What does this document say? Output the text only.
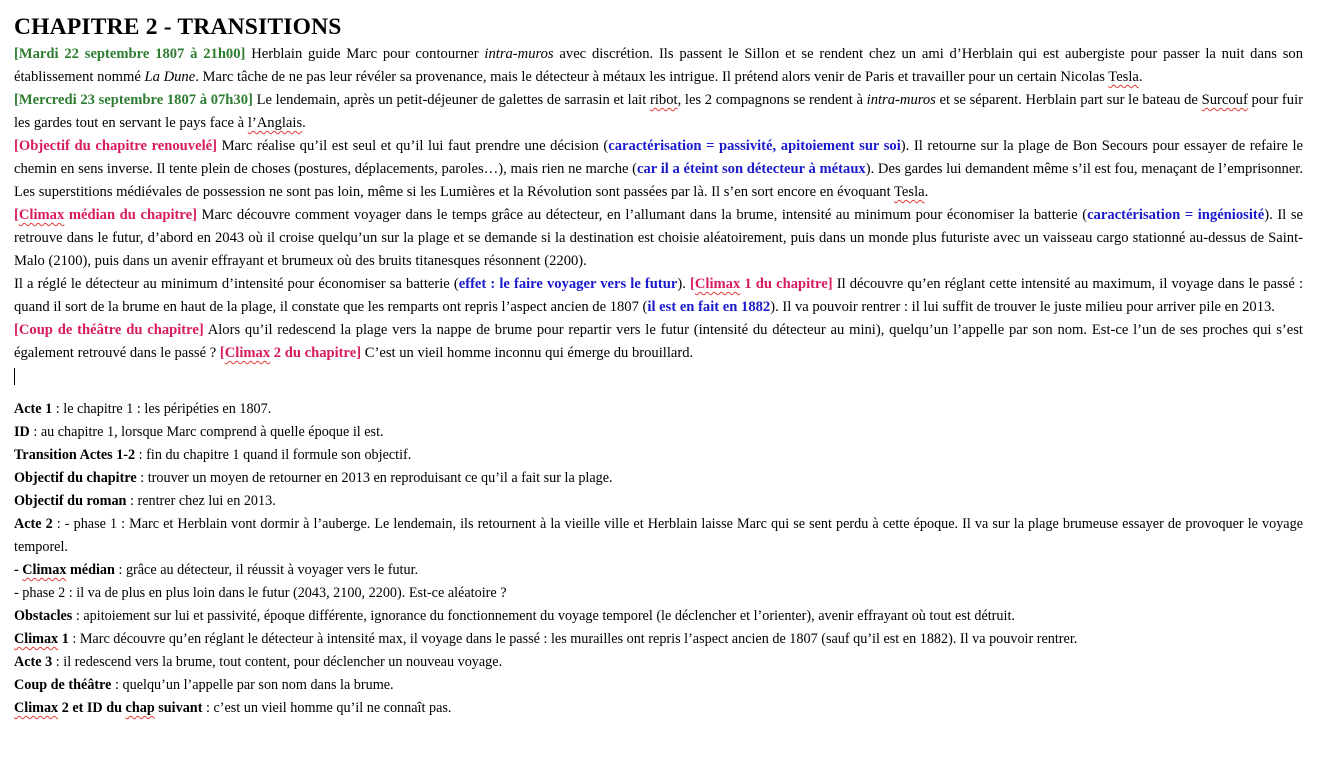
CHAPITRE 2 - TRANSITIONS

[Mardi 22 septembre 1807 à 21h00] Herblain guide Marc pour contourner intra-muros avec discrétion. Ils passent le Sillon et se rendent chez un ami d’Herblain qui est aubergiste pour passer la nuit dans son établissement nommé La Dune. Marc tâche de ne pas leur révéler sa provenance, mais le détecteur à métaux les intrigue. Il prétend alors venir de Paris et travailler pour un certain Nicolas Tesla.

[Mercredi 23 septembre 1807 à 07h30] Le lendemain, après un petit-déjeuner de galettes de sarrasin et lait ribot, les 2 compagnons se rendent à intra-muros et se séparent. Herblain part sur le bateau de Surcouf pour fuir les gardes tout en servant le pays face à l’Anglais.

[Objectif du chapitre renouvelé] Marc réalise qu’il est seul et qu’il lui faut prendre une décision (caractérisation = passivité, apitoiement sur soi). Il retourne sur la plage de Bon Secours pour essayer de refaire le chemin en sens inverse. Il tente plein de choses (postures, déplacements, paroles…), mais rien ne marche (car il a éteint son détecteur à métaux). Des gardes lui demandent même s’il est fou, menaçant de l’emprisonner. Les superstitions médiévales de possession ne sont pas loin, même si les Lumières et la Révolution sont passées par là. Il s’en sort encore en évoquant Tesla.

[Climax médian du chapitre] Marc découvre comment voyager dans le temps grâce au détecteur, en l’allumant dans la brume, intensité au minimum pour économiser la batterie (caractérisation = ingéniosité). Il se retrouve dans le futur, d’abord en 2043 où il croise quelqu’un sur la plage et se demande si la destination est choisie aléatoirement, puis dans un monde plus futuriste avec un vaisseau cargo stationné au-dessus de Saint-Malo (2100), puis dans un avenir effrayant et brumeux où des bruits titanesques résonnent (2200).

Il a réglé le détecteur au minimum d’intensité pour économiser sa batterie (effet : le faire voyager vers le futur). [Climax 1 du chapitre] Il découvre qu’en réglant cette intensité au maximum, il voyage dans le passé : quand il sort de la brume en haut de la plage, il constate que les remparts ont repris l’aspect ancien de 1807 (il est en fait en 1882). Il va pouvoir rentrer : il lui suffit de trouver le juste milieu pour arriver pile en 2013.

[Coup de théâtre du chapitre] Alors qu’il redescend la plage vers la nappe de brume pour repartir vers le futur (intensité du détecteur au mini), quelqu’un l’appelle par son nom. Est-ce l’un de ses proches qui s’est également retrouvé dans le passé ? [Climax 2 du chapitre] C’est un vieil homme inconnu qui émerge du brouillard.

Acte 1 : le chapitre 1 : les péripéties en 1807.

ID : au chapitre 1, lorsque Marc comprend à quelle époque il est.

Transition Actes 1-2 : fin du chapitre 1 quand il formule son objectif.

Objectif du chapitre : trouver un moyen de retourner en 2013 en reproduisant ce qu’il a fait sur la plage.

Objectif du roman : rentrer chez lui en 2013.

Acte 2 : - phase 1 : Marc et Herblain vont dormir à l’auberge. Le lendemain, ils retournent à la vieille ville et Herblain laisse Marc qui se sent perdu à cette époque. Il va sur la plage brumeuse essayer de provoquer le voyage temporel.

- Climax médian : grâce au détecteur, il réussit à voyager vers le futur.

- phase 2 : il va de plus en plus loin dans le futur (2043, 2100, 2200). Est-ce aléatoire ?

Obstacles : apitoiement sur lui et passivité, époque différente, ignorance du fonctionnement du voyage temporel (le déclencher et l’orienter), avenir effrayant où tout est détruit.

Climax 1 : Marc découvre qu’en réglant le détecteur à intensité max, il voyage dans le passé : les murailles ont repris l’aspect ancien de 1807 (sauf qu’il est en 1882). Il va pouvoir rentrer.

Acte 3 : il redescend vers la brume, tout content, pour déclencher un nouveau voyage.

Coup de théâtre : quelqu’un l’appelle par son nom dans la brume.

Climax 2 et ID du chap suivant : c’est un vieil homme qu’il ne connaît pas.
